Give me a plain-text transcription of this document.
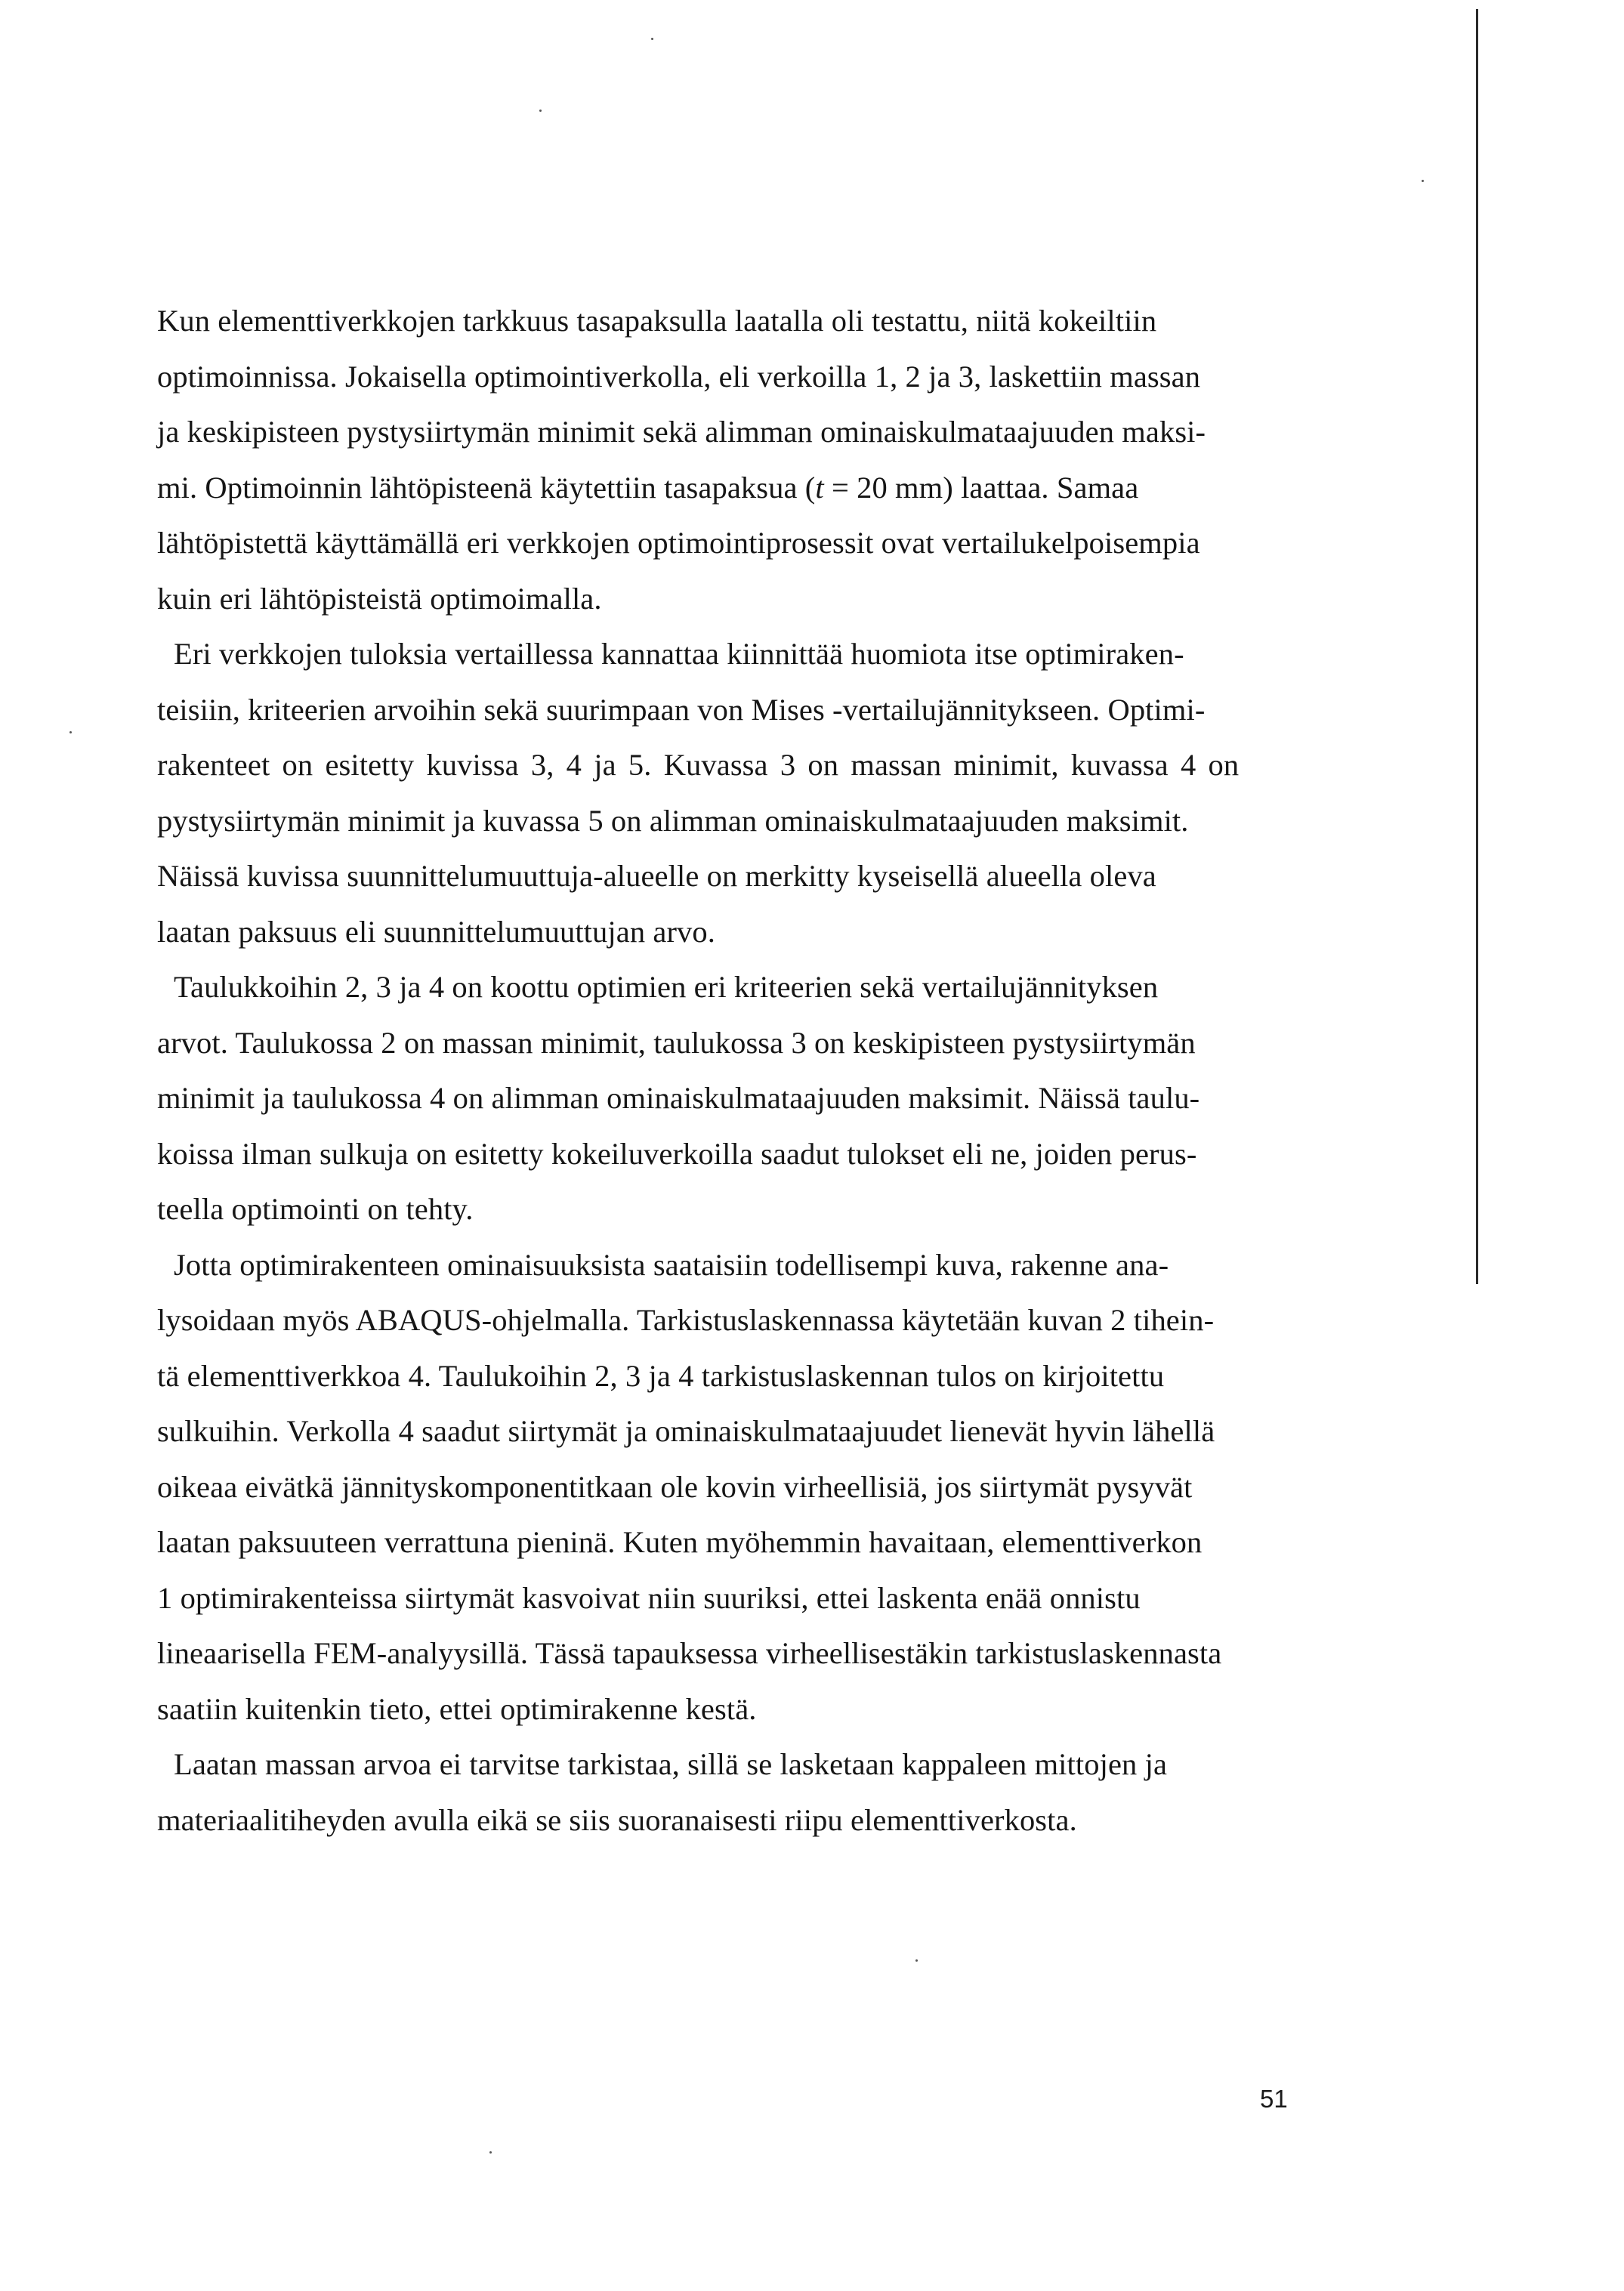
Kun elementtiverkkojen tarkkuus tasapaksulla laatalla oli testattu, niitä kokeiltiin
optimoinnissa. Jokaisella optimointiverkolla, eli verkoilla 1, 2 ja 3, laskettiin massan
ja keskipisteen pystysiirtymän minimit sekä alimman ominaiskulmataajuuden maksi-
mi. Optimoinnin lähtöpisteenä käytettiin tasapaksua (t = 20 mm) laattaa. Samaa
lähtöpistettä käyttämällä eri verkkojen optimointiprosessit ovat vertailukelpoisempia
kuin eri lähtöpisteistä optimoimalla.

Eri verkkojen tuloksia vertaillessa kannattaa kiinnittää huomiota itse optimiraken-
teisiin, kriteerien arvoihin sekä suurimpaan von Mises -vertailujännitykseen. Optimi-
rakenteet on esitetty kuvissa 3, 4 ja 5. Kuvassa 3 on massan minimit, kuvassa 4 on
pystysiirtymän minimit ja kuvassa 5 on alimman ominaiskulmataajuuden maksimit.
Näissä kuvissa suunnittelumuuttuja-alueelle on merkitty kyseisellä alueella oleva
laatan paksuus eli suunnittelumuuttujan arvo.

Taulukkoihin 2, 3 ja 4 on koottu optimien eri kriteerien sekä vertailujännityksen
arvot. Taulukossa 2 on massan minimit, taulukossa 3 on keskipisteen pystysiirtymän
minimit ja taulukossa 4 on alimman ominaiskulmataajuuden maksimit. Näissä taulu-
koissa ilman sulkuja on esitetty kokeiluverkoilla saadut tulokset eli ne, joiden perus-
teella optimointi on tehty.

Jotta optimirakenteen ominaisuuksista saataisiin todellisempi kuva, rakenne ana-
lysoidaan myös ABAQUS-ohjelmalla. Tarkistuslaskennassa käytetään kuvan 2 tihein-
tä elementtiverkkoa 4. Taulukoihin 2, 3 ja 4 tarkistuslaskennan tulos on kirjoitettu
sulkuihin. Verkolla 4 saadut siirtymät ja ominaiskulmataajuudet lienevät hyvin lähellä
oikeaa eivätkä jännityskomponentitkaan ole kovin virheellisiä, jos siirtymät pysyvät
laatan paksuuteen verrattuna pieninä. Kuten myöhemmin havaitaan, elementtiverkon
1 optimirakenteissa siirtymät kasvoivat niin suuriksi, ettei laskenta enää onnistu
lineaarisella FEM-analyysillä. Tässä tapauksessa virheellisestäkin tarkistuslaskennasta
saatiin kuitenkin tieto, ettei optimirakenne kestä.

Laatan massan arvoa ei tarvitse tarkistaa, sillä se lasketaan kappaleen mittojen ja
materiaalitiheyden avulla eikä se siis suoranaisesti riipu elementtiverkosta.

51
